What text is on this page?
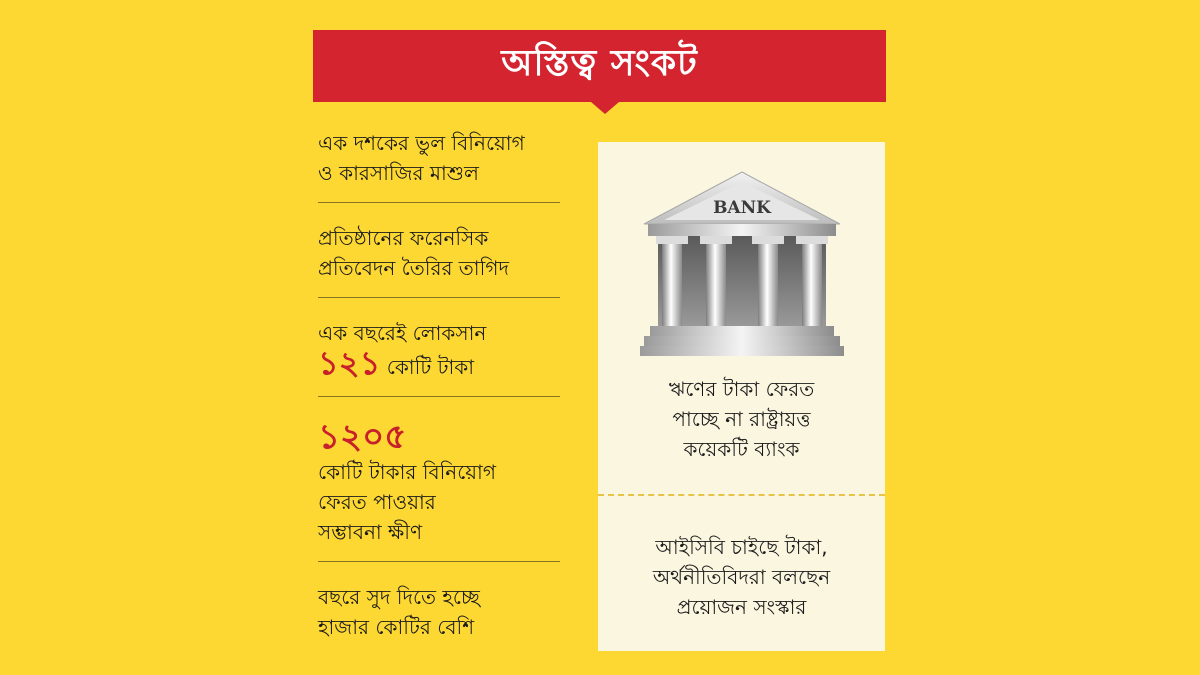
অস্তিত্ব সংকট
এক দশকের ভুল বিনিয়োগ
ও কারসাজির মাশুল
প্রতিষ্ঠানের ফরেনসিক
প্রতিবেদন তৈরির তাগিদ
এক বছরেই লোকসান
১২১ কোটি টাকা
১২০৫
কোটি টাকার বিনিয়োগ
ফেরত পাওয়ার
সম্ভাবনা ক্ষীণ
বছরে সুদ দিতে হচ্ছে
হাজার কোটির বেশি
BANK
ঋণের টাকা ফেরত
পাচ্ছে না রাষ্ট্রায়ত্ত
কয়েকটি ব্যাংক
আইসিবি চাইছে টাকা,
অর্থনীতিবিদরা বলছেন
প্রয়োজন সংস্কার
